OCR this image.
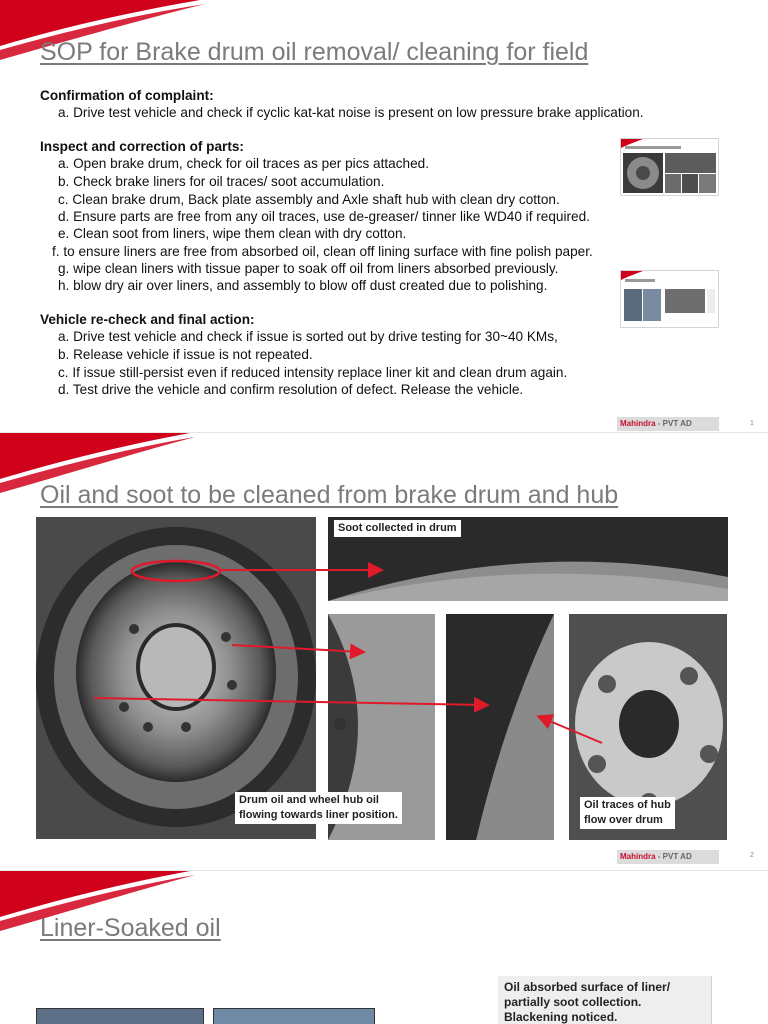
SOP for Brake drum oil removal/ cleaning for field
Confirmation of complaint:
a. Drive test vehicle and check if cyclic kat-kat noise is present on low pressure brake application.
Inspect and correction of parts:
a. Open brake drum, check for oil traces as per pics attached.
b. Check brake liners for oil traces/ soot accumulation.
c. Clean brake drum, Back plate assembly and Axle shaft hub with clean dry cotton.
d. Ensure parts are free from any oil traces, use de-greaser/ tinner like WD40 if required.
e. Clean soot from liners, wipe them clean with dry cotton.
f. to ensure liners are free from absorbed oil, clean off lining surface with fine polish paper.
g. wipe clean liners with tissue paper to soak off oil from liners absorbed previously.
h. blow dry air over liners, and assembly to blow off dust created due to polishing.
Vehicle re-check and final action:
a. Drive test vehicle and check if issue is sorted out by drive testing for 30~40 KMs,
b. Release vehicle if issue is not repeated.
c. If issue still-persist even if reduced intensity replace liner kit and clean drum again.
d. Test drive the vehicle and confirm resolution of defect. Release the vehicle.
Mahindra - PVT AD	1
Oil and soot to be cleaned from brake drum and hub
Soot collected in drum
Drum oil and wheel hub oil
flowing towards liner position.
Oil traces of hub
flow over drum
Mahindra - PVT AD	2
Liner-Soaked oil
Oil absorbed surface of liner/
partially soot collection.
Blackening noticed.
